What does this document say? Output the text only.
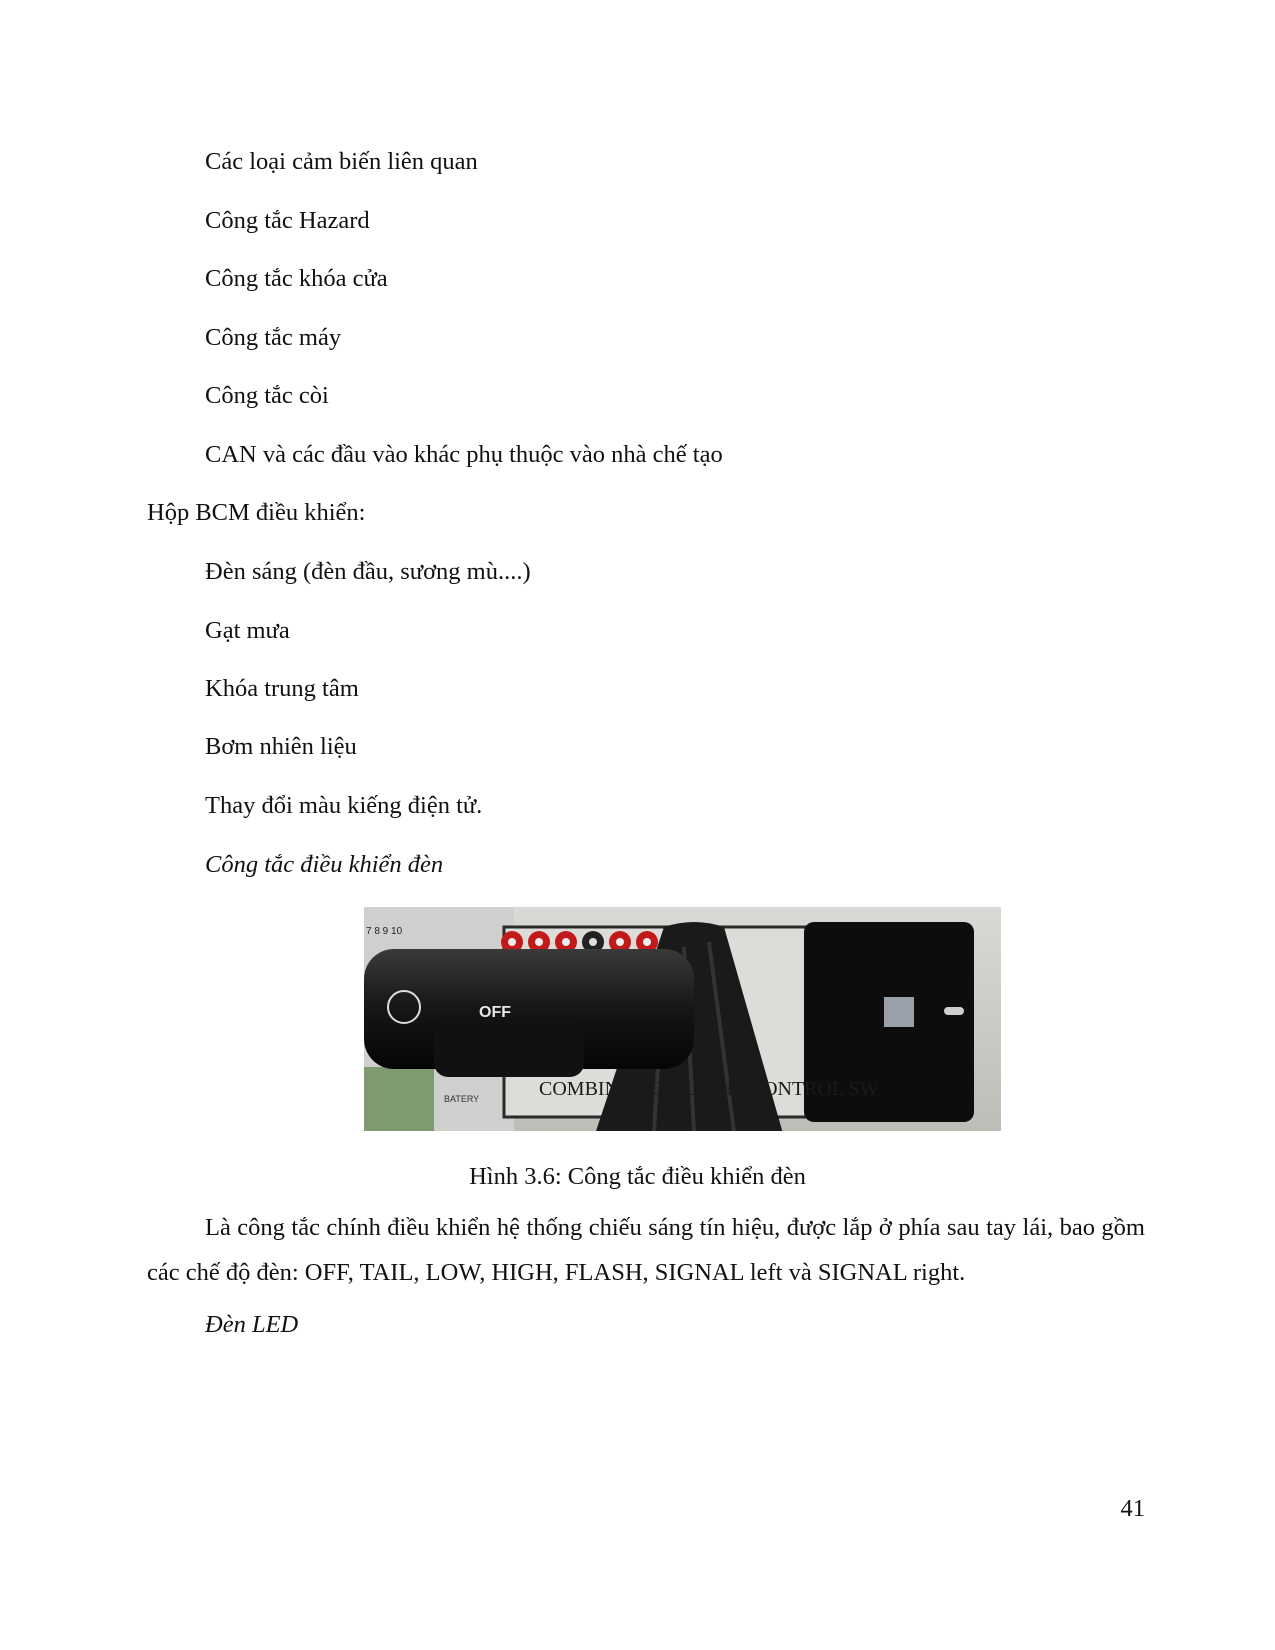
Các loại cảm biến liên quan
Công tắc Hazard
Công tắc khóa cửa
Công tắc máy
Công tắc còi
CAN và các đầu vào khác phụ thuộc vào nhà chế tạo
Hộp BCM điều khiển:
Đèn sáng (đèn đầu, sương mù....)
Gạt mưa
Khóa trung tâm
Bơm nhiên liệu
Thay đổi màu kiếng điện tử.
Công tắc điều khiển đèn
7 8 9 10
OFF
BATERY	COMBINASION LIGHT CONTROL SW
Hình 3.6: Công tắc điều khiển đèn
Là công tắc chính điều khiển hệ thống chiếu sáng tín hiệu, được lắp ở phía sau tay lái, bao gồm các chế độ đèn: OFF, TAIL, LOW, HIGH, FLASH, SIGNAL left và SIGNAL right.
Đèn LED
41
